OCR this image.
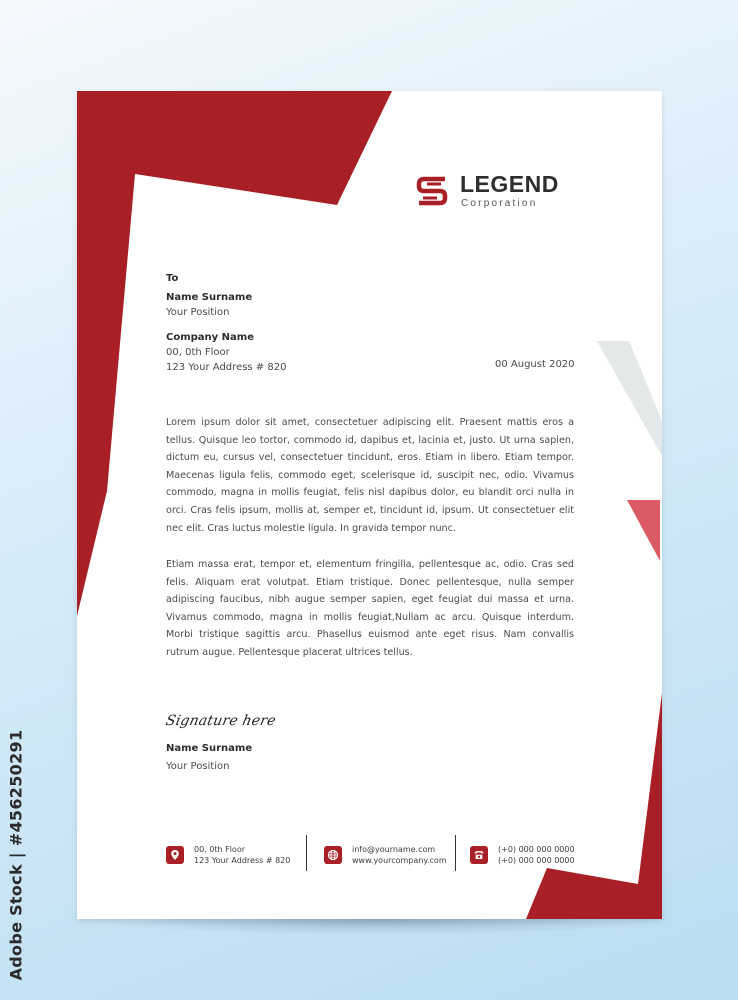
LEGEND
Corporation
To
Name Surname
Your Position
Company Name
00, 0th Floor
123 Your Address # 820	00 August 2020

Lorem ipsum dolor sit amet, consectetuer adipiscing elit. Praesent mattis eros a tellus. Quisque leo tortor, commodo id, dapibus et, lacinia et, justo. Ut urna sapien, dictum eu, cursus vel, consectetuer tincidunt, eros. Etiam in libero. Etiam tempor. Maecenas ligula felis, commodo eget, scelerisque id, suscipit nec, odio. Vivamus commodo, magna in mollis feugiat, felis nisl dapibus dolor, eu blandit orci nulla in orci. Cras felis ipsum, mollis at, semper et, tincidunt id, ipsum. Ut consectetuer elit nec elit. Cras luctus molestie ligula. In gravida tempor nunc.

Etiam massa erat, tempor et, elementum fringilla, pellentesque ac, odio. Cras sed felis. Aliquam erat volutpat. Etiam tristique. Donec pellentesque, nulla semper adipiscing faucibus, nibh augue semper sapien, eget feugiat dui massa et urna. Vivamus commodo, magna in mollis feugiat,Nullam ac arcu. Quisque interdum. Morbi tristique sagittis arcu. Phasellus euismod ante eget risus. Nam convallis rutrum augue. Pellentesque placerat ultrices tellus.

Signature here
Name Surname
Your Position
00, 0th Floor
123 Your Address # 820
info@yourname.com
www.yourcompany.com
(+0) 000 000 0000
(+0) 000 000 0000
Adobe Stock | #456250291
